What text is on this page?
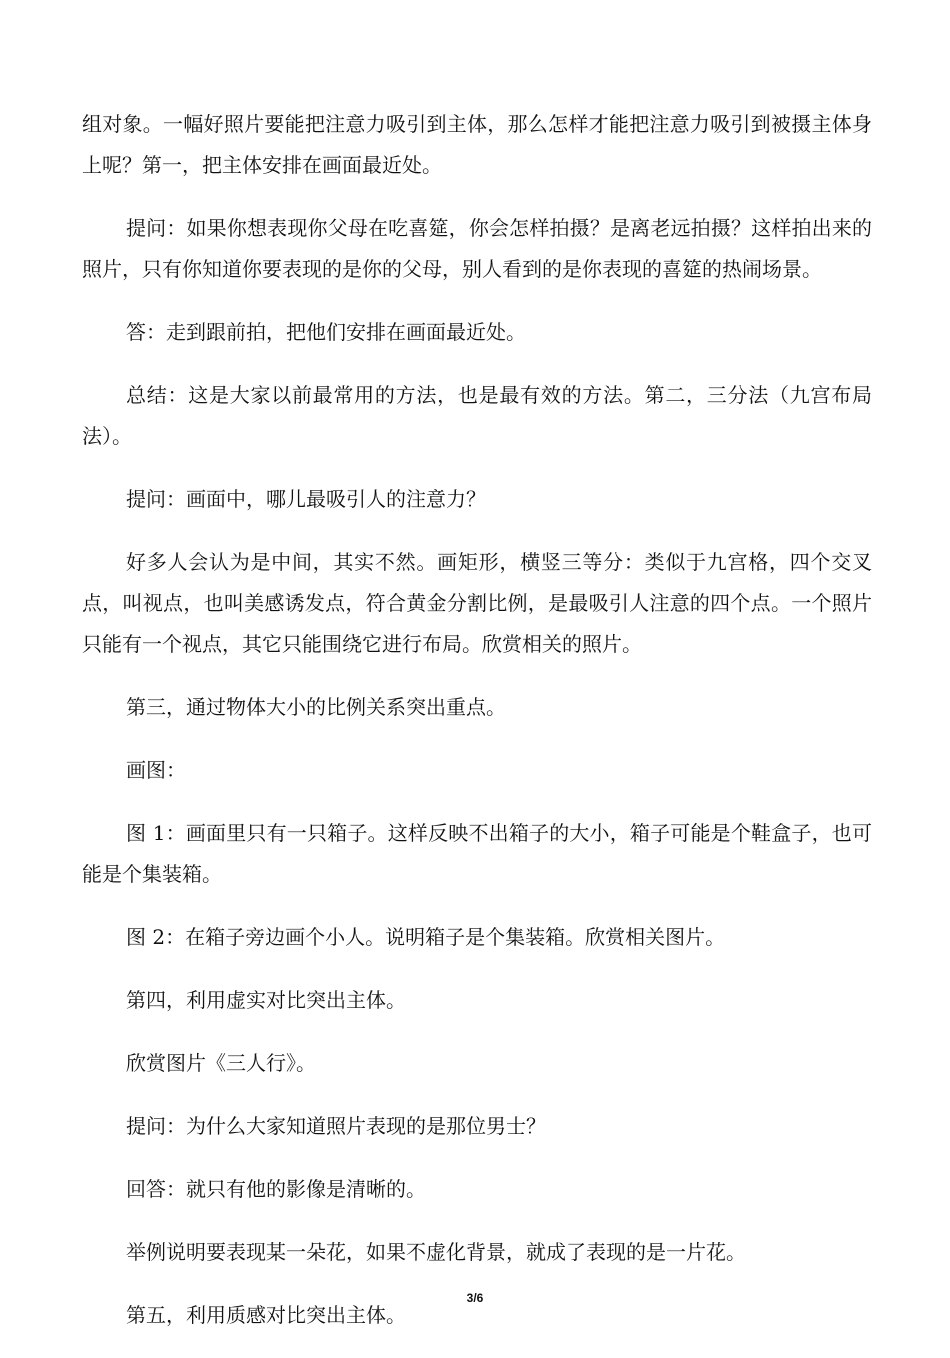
组对象。一幅好照片要能把注意力吸引到主体，那么怎样才能把注意力吸引到被摄主体身上呢？第一，把主体安排在画面最近处。

提问：如果你想表现你父母在吃喜筵，你会怎样拍摄？是离老远拍摄？这样拍出来的照片，只有你知道你要表现的是你的父母，别人看到的是你表现的喜筵的热闹场景。

答：走到跟前拍，把他们安排在画面最近处。

总结：这是大家以前最常用的方法，也是最有效的方法。第二，三分法（九宫布局法）。

提问：画面中，哪儿最吸引人的注意力？

好多人会认为是中间，其实不然。画矩形，横竖三等分：类似于九宫格，四个交叉点，叫视点，也叫美感诱发点，符合黄金分割比例，是最吸引人注意的四个点。一个照片只能有一个视点，其它只能围绕它进行布局。欣赏相关的照片。

第三，通过物体大小的比例关系突出重点。

画图：

图 1：画面里只有一只箱子。这样反映不出箱子的大小，箱子可能是个鞋盒子，也可能是个集装箱。

图 2：在箱子旁边画个小人。说明箱子是个集装箱。欣赏相关图片。

第四，利用虚实对比突出主体。

欣赏图片《三人行》。

提问：为什么大家知道照片表现的是那位男士？

回答：就只有他的影像是清晰的。

举例说明要表现某一朵花，如果不虚化背景，就成了表现的是一片花。

第五，利用质感对比突出主体。

3/6
